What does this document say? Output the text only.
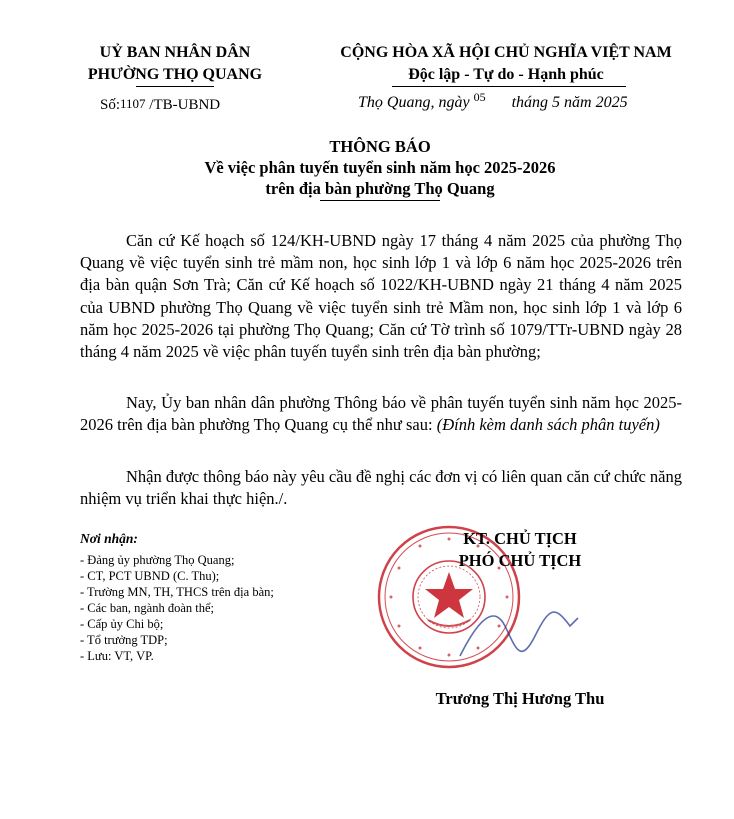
UỶ BAN NHÂN DÂN
PHƯỜNG THỌ QUANG
CỘNG HÒA XÃ HỘI CHỦ NGHĨA VIỆT NAM
Độc lập - Tự do - Hạnh phúc
Số:1107 /TB-UBND	Thọ Quang, ngày 05 tháng 5 năm 2025
THÔNG BÁO
Về việc phân tuyến tuyển sinh năm học 2025-2026
trên địa bàn phường Thọ Quang
Căn cứ Kế hoạch số 124/KH-UBND ngày 17 tháng 4 năm 2025 của phường Thọ Quang về việc tuyển sinh trẻ mầm non, học sinh lớp 1 và lớp 6 năm học 2025-2026 trên địa bàn quận Sơn Trà; Căn cứ Kế hoạch số 1022/KH-UBND ngày 21 tháng 4 năm 2025 của UBND phường Thọ Quang về việc tuyển sinh trẻ Mầm non, học sinh lớp 1 và lớp 6 năm học 2025-2026 tại phường Thọ Quang; Căn cứ Tờ trình số 1079/TTr-UBND ngày 28 tháng 4 năm 2025 về việc phân tuyến tuyển sinh trên địa bàn phường;
Nay, Ủy ban nhân dân phường Thông báo về phân tuyến tuyển sinh năm học 2025-2026 trên địa bàn phường Thọ Quang cụ thể như sau: (Đính kèm danh sách phân tuyến)
Nhận được thông báo này yêu cầu đề nghị các đơn vị có liên quan căn cứ chức năng nhiệm vụ triển khai thực hiện./.
Nơi nhận:
- Đảng ủy phường Thọ Quang;
- CT, PCT UBND (C. Thu);
- Trường MN, TH, THCS trên địa bàn;
- Các ban, ngành đoàn thể;
- Cấp ủy Chi bộ;
- Tổ trưởng TDP;
- Lưu: VT, VP.
KT. CHỦ TỊCH
PHÓ CHỦ TỊCH
Trương Thị Hương Thu
